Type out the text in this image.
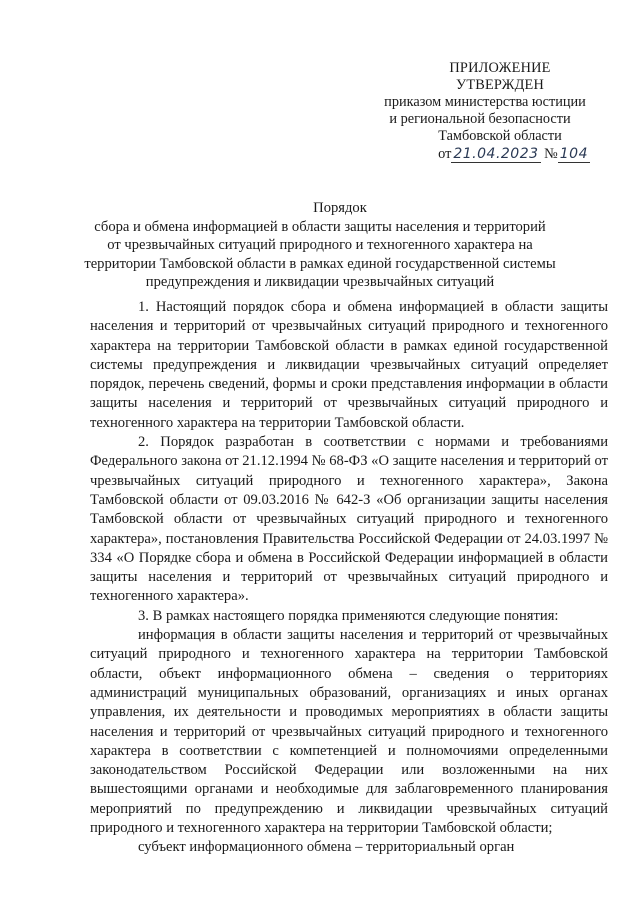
ПРИЛОЖЕНИЕ
УТВЕРЖДЕН
приказом министерства юстиции
и региональной безопасности
Тамбовской области
от 21.04.2023 № 104
Порядок
сбора и обмена информацией в области защиты населения и территорий
от чрезвычайных ситуаций природного и техногенного характера на
территории Тамбовской области в рамках единой государственной системы
предупреждения и ликвидации чрезвычайных ситуаций

1. Настоящий порядок сбора и обмена информацией в области защиты населения и территорий от чрезвычайных ситуаций природного и техногенного характера на территории Тамбовской области в рамках единой государственной системы предупреждения и ликвидации чрезвычайных ситуаций определяет порядок, перечень сведений, формы и сроки представления информации в области защиты населения и территорий от чрезвычайных ситуаций природного и техногенного характера на территории Тамбовской области.

2. Порядок разработан в соответствии с нормами и требованиями Федерального закона от 21.12.1994 № 68-ФЗ «О защите населения и территорий от чрезвычайных ситуаций природного и техногенного характера», Закона Тамбовской области от 09.03.2016 № 642-З «Об организации защиты населения Тамбовской области от чрезвычайных ситуаций природного и техногенного характера», постановления Правительства Российской Федерации от 24.03.1997 № 334 «О Порядке сбора и обмена в Российской Федерации информацией в области защиты населения и территорий от чрезвычайных ситуаций природного и техногенного характера».

3. В рамках настоящего порядка применяются следующие понятия:

информация в области защиты населения и территорий от чрезвычайных ситуаций природного и техногенного характера на территории Тамбовской области, объект информационного обмена – сведения о территориях администраций муниципальных образований, организациях и иных органах управления, их деятельности и проводимых мероприятиях в области защиты населения и территорий от чрезвычайных ситуаций природного и техногенного характера в соответствии с компетенцией и полномочиями определенными законодательством Российской Федерации или возложенными на них вышестоящими органами и необходимые для заблаговременного планирования мероприятий по предупреждению и ликвидации чрезвычайных ситуаций природного и техногенного характера на территории Тамбовской области;

субъект информационного обмена – территориальный орган
